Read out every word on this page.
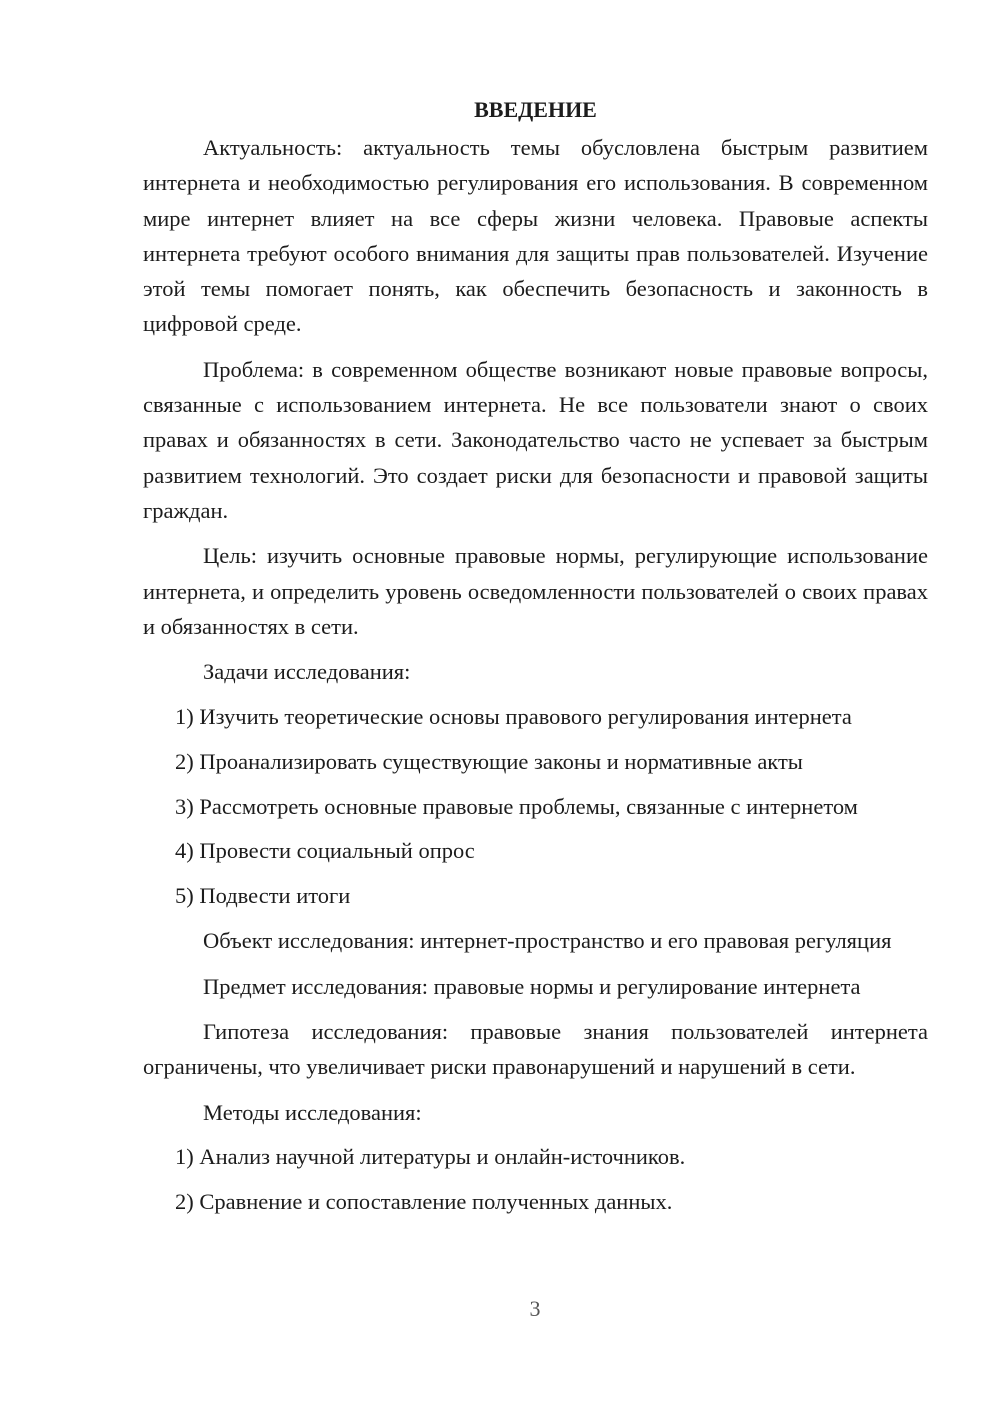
ВВЕДЕНИЕ

Актуальность: актуальность темы обусловлена быстрым развитием интернета и необходимостью регулирования его использования. В современном мире интернет влияет на все сферы жизни человека. Правовые аспекты интернета требуют особого внимания для защиты прав пользователей. Изучение этой темы помогает понять, как обеспечить безопасность и законность в цифровой среде.

Проблема: в современном обществе возникают новые правовые вопросы, связанные с использованием интернета. Не все пользователи знают о своих правах и обязанностях в сети. Законодательство часто не успевает за быстрым развитием технологий. Это создает риски для безопасности и правовой защиты граждан.

Цель: изучить основные правовые нормы, регулирующие использование интернета, и определить уровень осведомленности пользователей о своих правах и обязанностях в сети.

Задачи исследования:

1) Изучить теоретические основы правового регулирования интернета

2) Проанализировать существующие законы и нормативные акты

3) Рассмотреть основные правовые проблемы, связанные с интернетом

4) Провести социальный опрос

5) Подвести итоги

Объект исследования: интернет-пространство и его правовая регуляция

Предмет исследования: правовые нормы и регулирование интернета

Гипотеза исследования: правовые знания пользователей интернета ограничены, что увеличивает риски правонарушений и нарушений в сети.

Методы исследования:

1) Анализ научной литературы и онлайн-источников.

2) Сравнение и сопоставление полученных данных.

3
